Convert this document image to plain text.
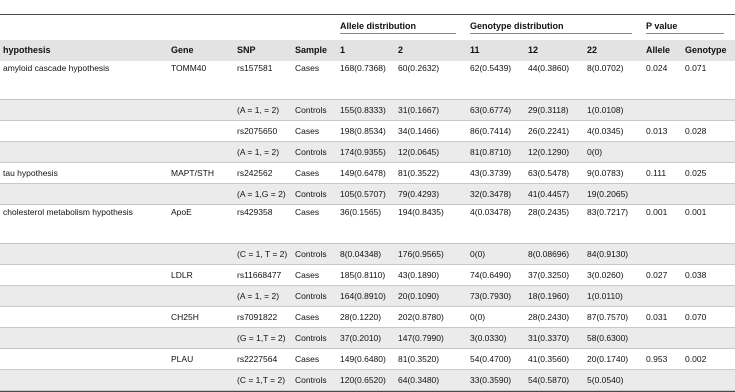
				Allele distribution		Genotype distribution			P value	

hypothesis	Gene	SNP	Sample	1	2	11	12	22	Allele	Genotype
amyloid cascade hypothesis	TOMM40	rs157581	Cases	168(0.7368)	60(0.2632)	62(0.5439)	44(0.3860)	8(0.0702)	0.024	0.071
		(A = 1, = 2)	Controls	155(0.8333)	31(0.1667)	63(0.6774)	29(0.3118)	1(0.0108)		
		rs2075650	Cases	198(0.8534)	34(0.1466)	86(0.7414)	26(0.2241)	4(0.0345)	0.013	0.028
		(A = 1, = 2)	Controls	174(0.9355)	12(0.0645)	81(0.8710)	12(0.1290)	0(0)		
tau hypothesis	MAPT/STH	rs242562	Cases	149(0.6478)	81(0.3522)	43(0.3739)	63(0.5478)	9(0.0783)	0.111	0.025
		(A = 1,G = 2)	Controls	105(0.5707)	79(0.4293)	32(0.3478)	41(0.4457)	19(0.2065)		
cholesterol metabolism hypothesis	ApoE	rs429358	Cases	36(0.1565)	194(0.8435)	4(0.03478)	28(0.2435)	83(0.7217)	0.001	0.001
		(C = 1, T = 2)	Controls	8(0.04348)	176(0.9565)	0(0)	8(0.08696)	84(0.9130)		
	LDLR	rs11668477	Cases	185(0.8110)	43(0.1890)	74(0.6490)	37(0.3250)	3(0.0260)	0.027	0.038
		(A = 1, = 2)	Controls	164(0.8910)	20(0.1090)	73(0.7930)	18(0.1960)	1(0.0110)		
	CH25H	rs7091822	Cases	28(0.1220)	202(0.8780)	0(0)	28(0.2430)	87(0.7570)	0.031	0.070
		(G = 1,T = 2)	Controls	37(0.2010)	147(0.7990)	3(0.0330)	31(0.3370)	58(0.6300)		
	PLAU	rs2227564	Cases	149(0.6480)	81(0.3520)	54(0.4700)	41(0.3560)	20(0.1740)	0.953	0.002
		(C = 1,T = 2)	Controls	120(0.6520)	64(0.3480)	33(0.3590)	54(0.5870)	5(0.0540)		
